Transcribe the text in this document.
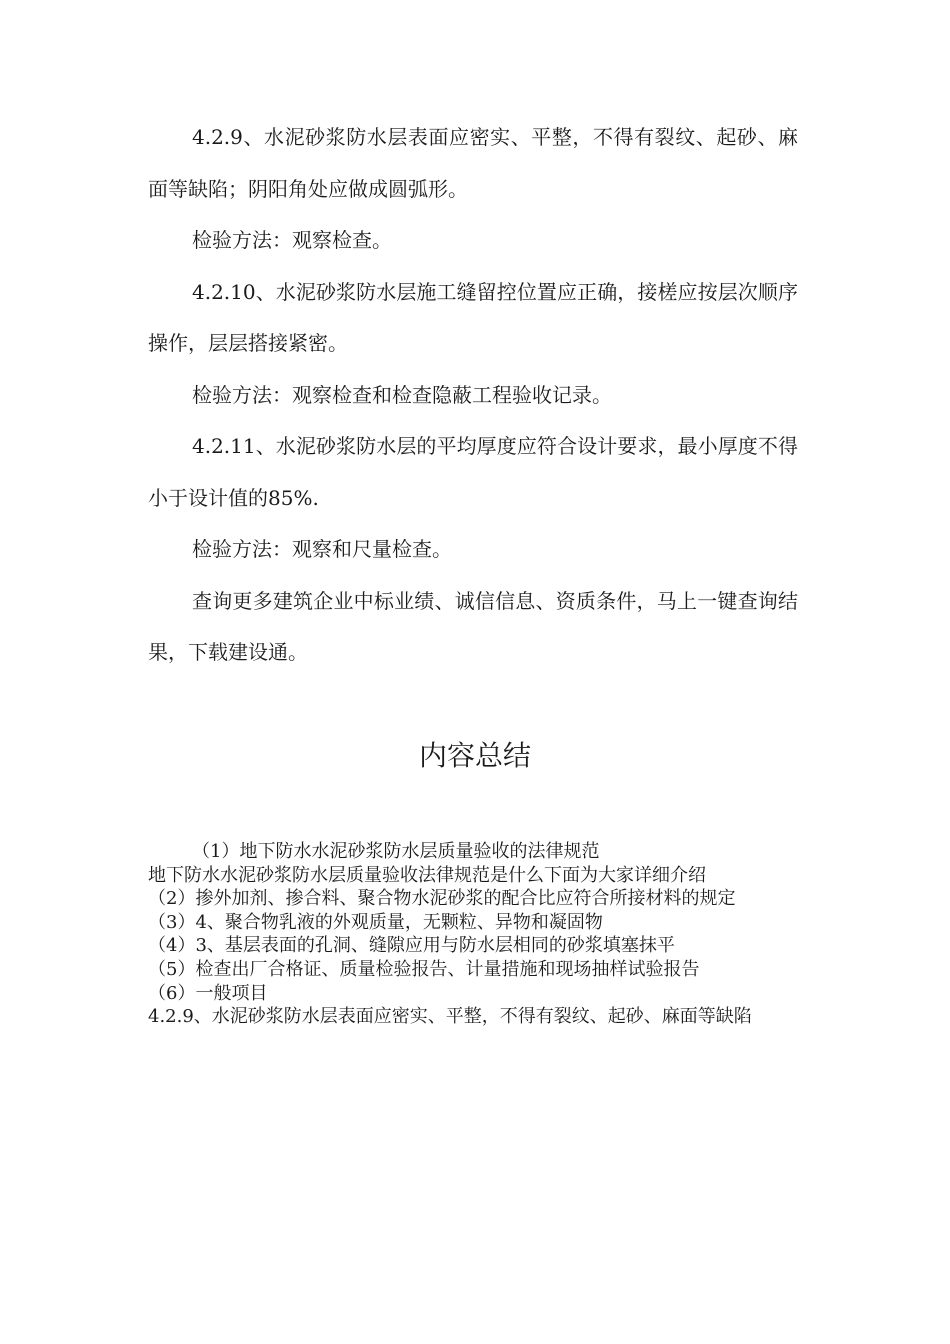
4.2.9、水泥砂浆防水层表面应密实、平整，不得有裂纹、起砂、麻面等缺陷；阴阳角处应做成圆弧形。

检验方法：观察检查。

4.2.10、水泥砂浆防水层施工缝留控位置应正确，接槎应按层次顺序操作，层层搭接紧密。

检验方法：观察检查和检查隐蔽工程验收记录。

4.2.11、水泥砂浆防水层的平均厚度应符合设计要求，最小厚度不得小于设计值的85%.

检验方法：观察和尺量检查。

查询更多建筑企业中标业绩、诚信信息、资质条件，马上一键查询结果，下载建设通。

内容总结

（1）地下防水水泥砂浆防水层质量验收的法律规范

地下防水水泥砂浆防水层质量验收法律规范是什么下面为大家详细介绍

（2）掺外加剂、掺合料、聚合物水泥砂浆的配合比应符合所接材料的规定

（3）4、聚合物乳液的外观质量，无颗粒、异物和凝固物

（4）3、基层表面的孔洞、缝隙应用与防水层相同的砂浆填塞抹平

（5）检查出厂合格证、质量检验报告、计量措施和现场抽样试验报告

（6）一般项目

4.2.9、水泥砂浆防水层表面应密实、平整，不得有裂纹、起砂、麻面等缺陷
